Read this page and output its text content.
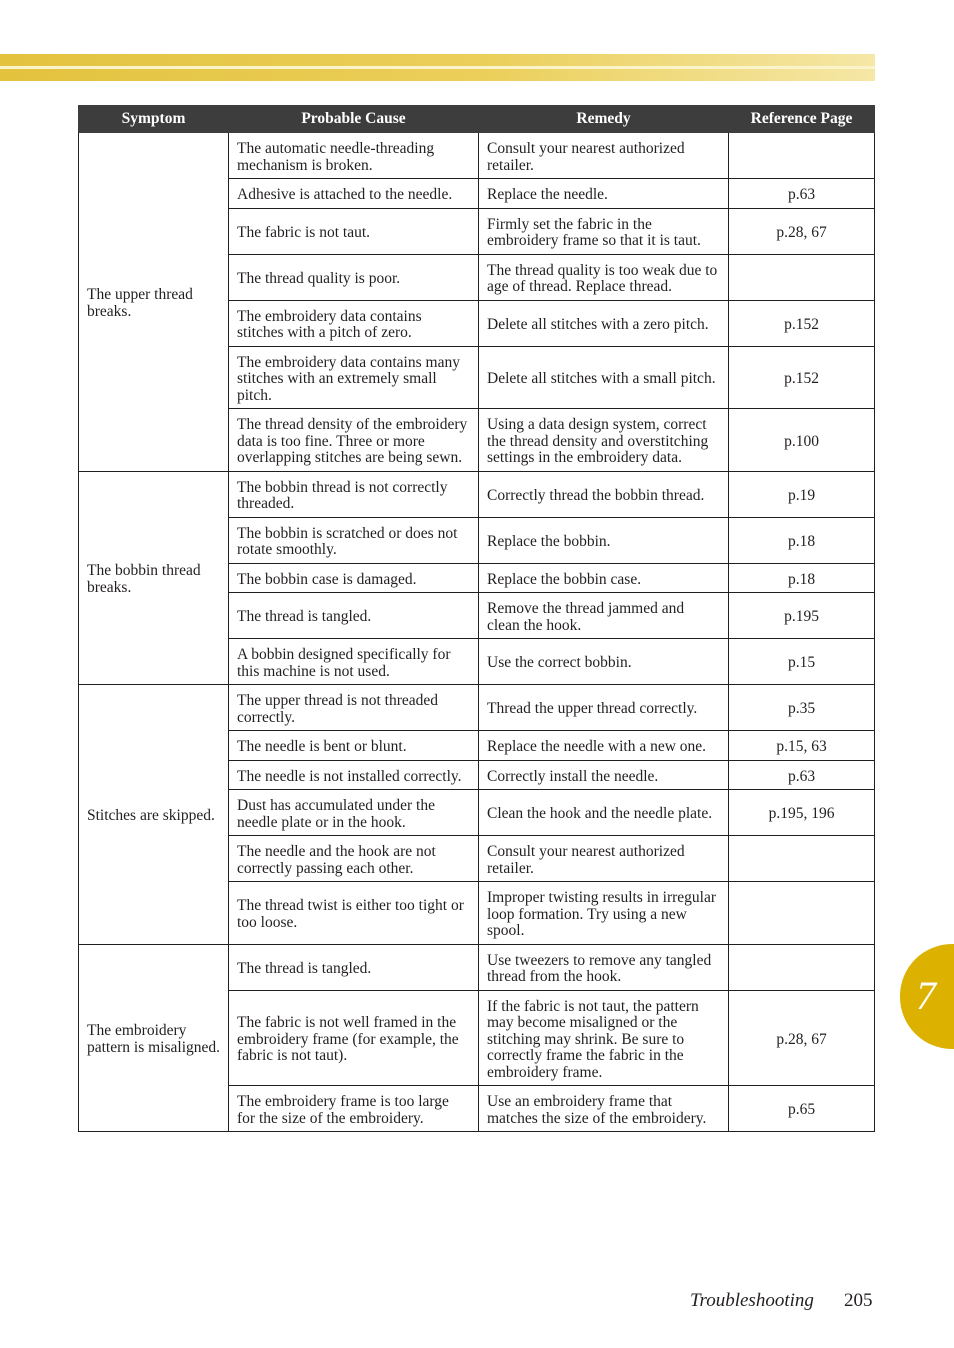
Symptom	Probable Cause	Remedy	Reference Page
The upper thread breaks.	The automatic needle-threading mechanism is broken.	Consult your nearest authorized retailer.	
	Adhesive is attached to the needle.	Replace the needle.	p.63
	The fabric is not taut.	Firmly set the fabric in the embroidery frame so that it is taut.	p.28, 67
	The thread quality is poor.	The thread quality is too weak due to age of thread. Replace thread.	
	The embroidery data contains stitches with a pitch of zero.	Delete all stitches with a zero pitch.	p.152
	The embroidery data contains many stitches with an extremely small pitch.	Delete all stitches with a small pitch.	p.152
	The thread density of the embroidery data is too fine. Three or more overlapping stitches are being sewn.	Using a data design system, correct the thread density and overstitching settings in the embroidery data.	p.100
The bobbin thread breaks.	The bobbin thread is not correctly threaded.	Correctly thread the bobbin thread.	p.19
	The bobbin is scratched or does not rotate smoothly.	Replace the bobbin.	p.18
	The bobbin case is damaged.	Replace the bobbin case.	p.18
	The thread is tangled.	Remove the thread jammed and clean the hook.	p.195
	A bobbin designed specifically for this machine is not used.	Use the correct bobbin.	p.15
Stitches are skipped.	The upper thread is not threaded correctly.	Thread the upper thread correctly.	p.35
	The needle is bent or blunt.	Replace the needle with a new one.	p.15, 63
	The needle is not installed correctly.	Correctly install the needle.	p.63
	Dust has accumulated under the needle plate or in the hook.	Clean the hook and the needle plate.	p.195, 196
	The needle and the hook are not correctly passing each other.	Consult your nearest authorized retailer.	
	The thread twist is either too tight or too loose.	Improper twisting results in irregular loop formation. Try using a new spool.	
The embroidery pattern is misaligned.	The thread is tangled.	Use tweezers to remove any tangled thread from the hook.	
	The fabric is not well framed in the embroidery frame (for example, the fabric is not taut).	If the fabric is not taut, the pattern may become misaligned or the stitching may shrink. Be sure to correctly frame the fabric in the embroidery frame.	p.28, 67
	The embroidery frame is too large for the size of the embroidery.	Use an embroidery frame that matches the size of the embroidery.	p.65
7
Troubleshooting 205
